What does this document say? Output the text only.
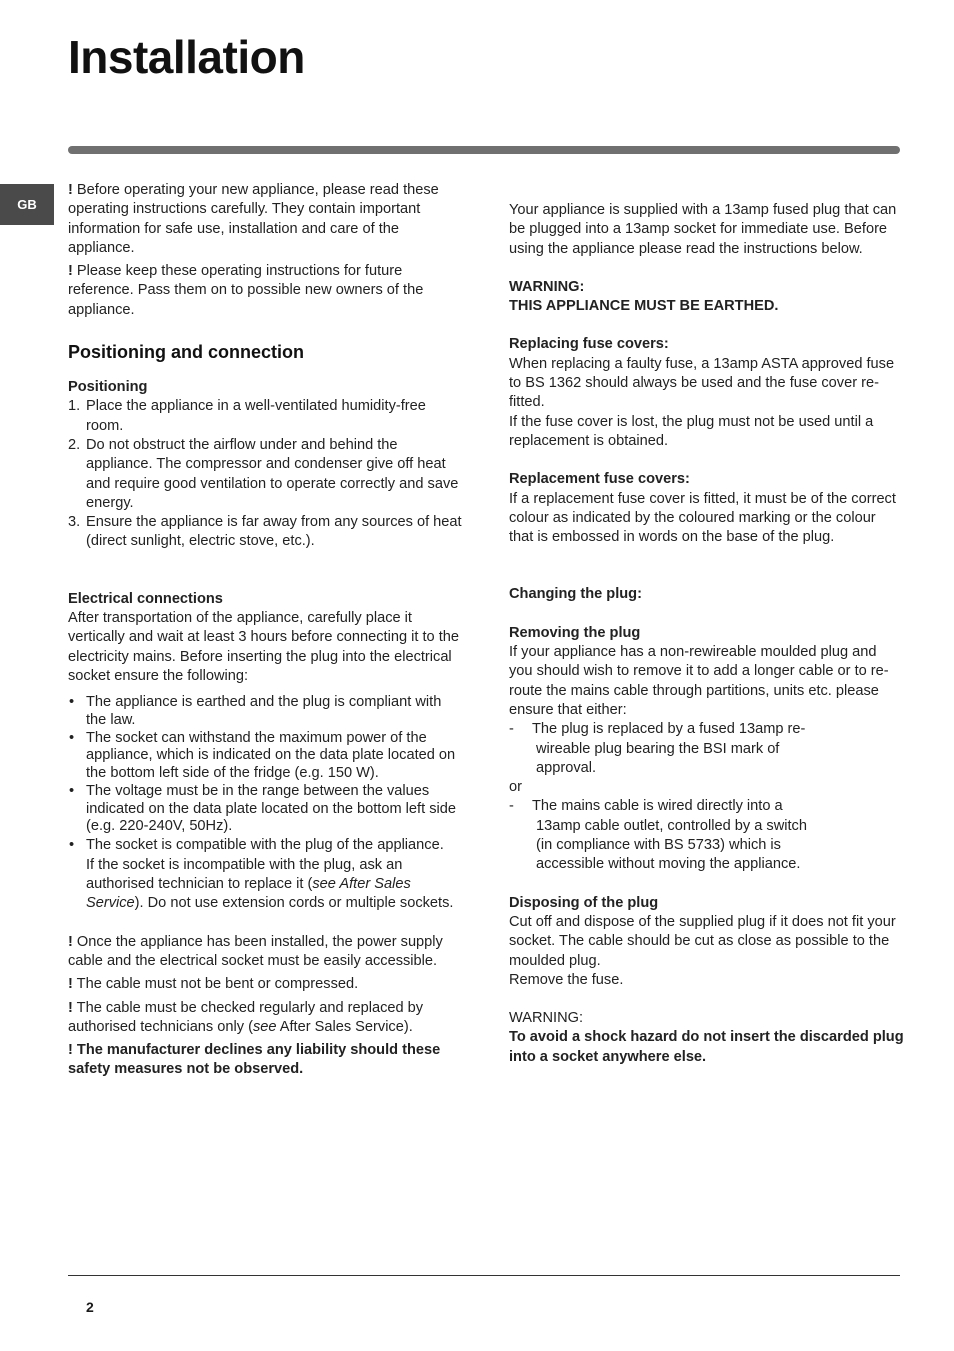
Installation
GB

! Before operating your new appliance, please read these operating instructions carefully. They contain important information for safe use, installation and care of the appliance.

! Please keep these operating instructions for future reference. Pass them on to possible new owners of the appliance.

Positioning and connection

Positioning

1. Place the appliance in a well-ventilated humidity-free room.
2. Do not obstruct the airflow under and behind the appliance. The compressor and condenser give off heat and require good ventilation to operate correctly and save energy.
3. Ensure the appliance is far away from any sources of heat (direct sunlight, electric stove, etc.).

Electrical connections

After transportation of the appliance, carefully place it vertically and wait at least 3 hours before connecting it to the electricity mains. Before inserting the plug into the electrical socket ensure the following:

• The appliance is earthed and the plug is compliant with the law.
• The socket can withstand the maximum power of the appliance, which is indicated on the data plate located on the bottom left side of the fridge (e.g. 150 W).
• The voltage must be in the range between the values indicated on the data plate located on the bottom left side (e.g. 220-240V, 50Hz).
• The socket is compatible with the plug of the appliance.
If the socket is incompatible with the plug, ask an authorised technician to replace it (see After Sales Service). Do not use extension cords or multiple sockets.

! Once the appliance has been installed, the power supply cable and the electrical socket must be easily accessible.

! The cable must not be bent or compressed.

! The cable must be checked regularly and replaced by authorised technicians only (see After Sales Service).

! The manufacturer declines any liability should these safety measures not be observed.

Your appliance is supplied with a 13amp fused plug that can be plugged into a 13amp socket for immediate use. Before using the appliance please read the instructions below.

WARNING:

THIS APPLIANCE MUST BE EARTHED.

Replacing fuse covers:

When replacing a faulty fuse, a 13amp ASTA approved fuse to BS 1362 should always be used and the fuse cover re-fitted.

If the fuse cover is lost, the plug must not be used until a replacement is obtained.

Replacement fuse covers:

If a replacement fuse cover is fitted, it must be of the correct colour as indicated by the coloured marking or the colour that is embossed in words on the base of the plug.

Changing the plug:

Removing the plug

If your appliance has a non-rewireable moulded plug and you should wish to remove it to add a longer cable or to re-route the mains cable through partitions, units etc. please ensure that either:

- The plug is replaced by a fused 13amp re-
wireable plug bearing the BSI mark of approval.

or

- The mains cable is wired directly into a
13amp cable outlet, controlled by a switch (in compliance with BS 5733) which is accessible without moving the appliance.

Disposing of the plug

Cut off and dispose of the supplied plug if it does not fit your socket. The cable should be cut as close as possible to the moulded plug.

Remove the fuse.

WARNING:

To avoid a shock hazard do not insert the discarded plug into a socket anywhere else.

2
